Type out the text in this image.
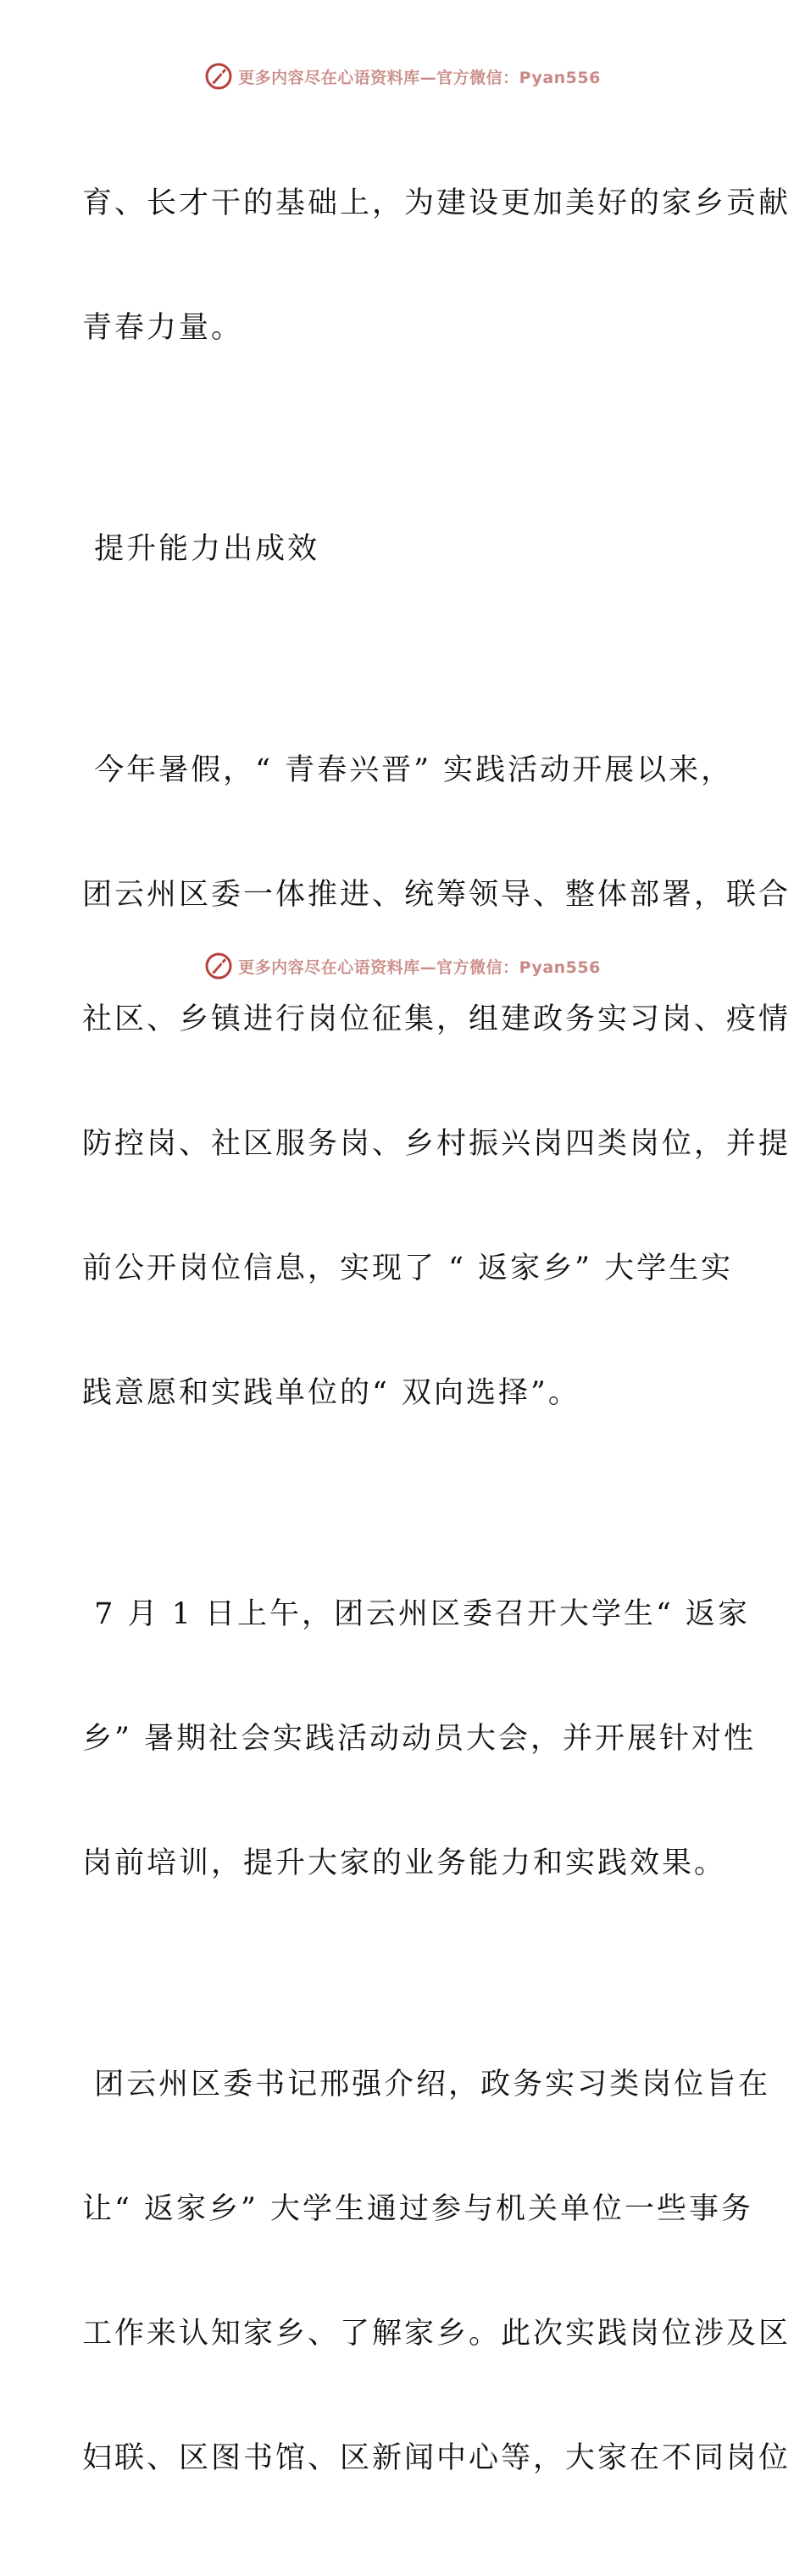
更多内容尽在心语资料库—官方微信：Pyan556

育、长才干的基础上，为建设更加美好的家乡贡献

青春力量。

提升能力出成效

今年暑假，“ 青春兴晋” 实践活动开展以来，

团云州区委一体推进、统筹领导、整体部署，联合

社区、乡镇进行岗位征集，组建政务实习岗、疫情

防控岗、社区服务岗、乡村振兴岗四类岗位，并提

前公开岗位信息，实现了 “ 返家乡” 大学生实

践意愿和实践单位的“ 双向选择”。

7 月 1 日上午，团云州区委召开大学生“ 返家

乡” 暑期社会实践活动动员大会，并开展针对性

岗前培训，提升大家的业务能力和实践效果。

团云州区委书记邢强介绍，政务实习类岗位旨在

让“ 返家乡” 大学生通过参与机关单位一些事务

工作来认知家乡、了解家乡。此次实践岗位涉及区

妇联、区图书馆、区新闻中心等，大家在不同岗位

更多内容尽在心语资料库—官方微信：Pyan556
